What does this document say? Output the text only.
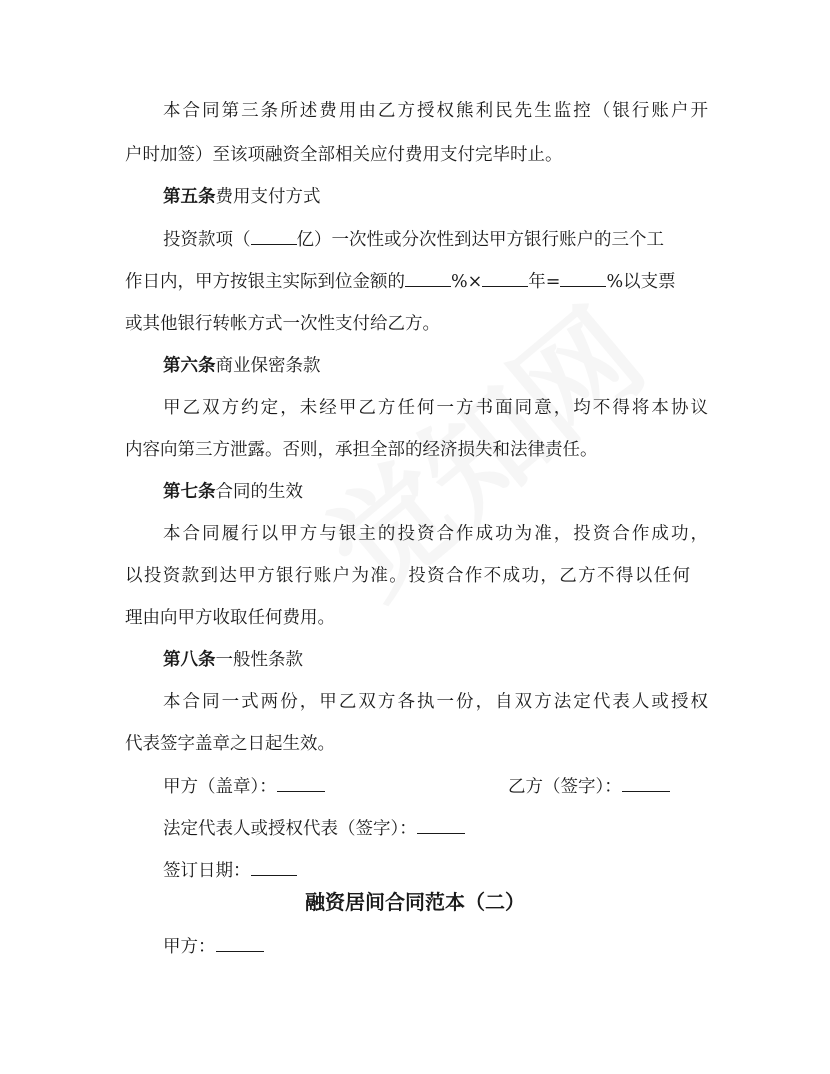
本合同第三条所述费用由乙方授权熊利民先生监控（银行账户开
户时加签）至该项融资全部相关应付费用支付完毕时止。
第五条费用支付方式
投资款项（	亿）一次性或分次性到达甲方银行账户的三个工
作日内，甲方按银主实际到位金额的	%×	年=	%以支票
或其他银行转帐方式一次性支付给乙方。
第六条商业保密条款
甲乙双方约定，未经甲乙方任何一方书面同意，均不得将本协议
内容向第三方泄露。否则，承担全部的经济损失和法律责任。
第七条合同的生效
本合同履行以甲方与银主的投资合作成功为准，投资合作成功，
以投资款到达甲方银行账户为准。投资合作不成功，乙方不得以任何
理由向甲方收取任何费用。
第八条一般性条款
本合同一式两份，甲乙双方各执一份，自双方法定代表人或授权
代表签字盖章之日起生效。
甲方（盖章）：	乙方（签字）：
法定代表人或授权代表（签字）：
签订日期：
融资居间合同范本（二）
甲方：
